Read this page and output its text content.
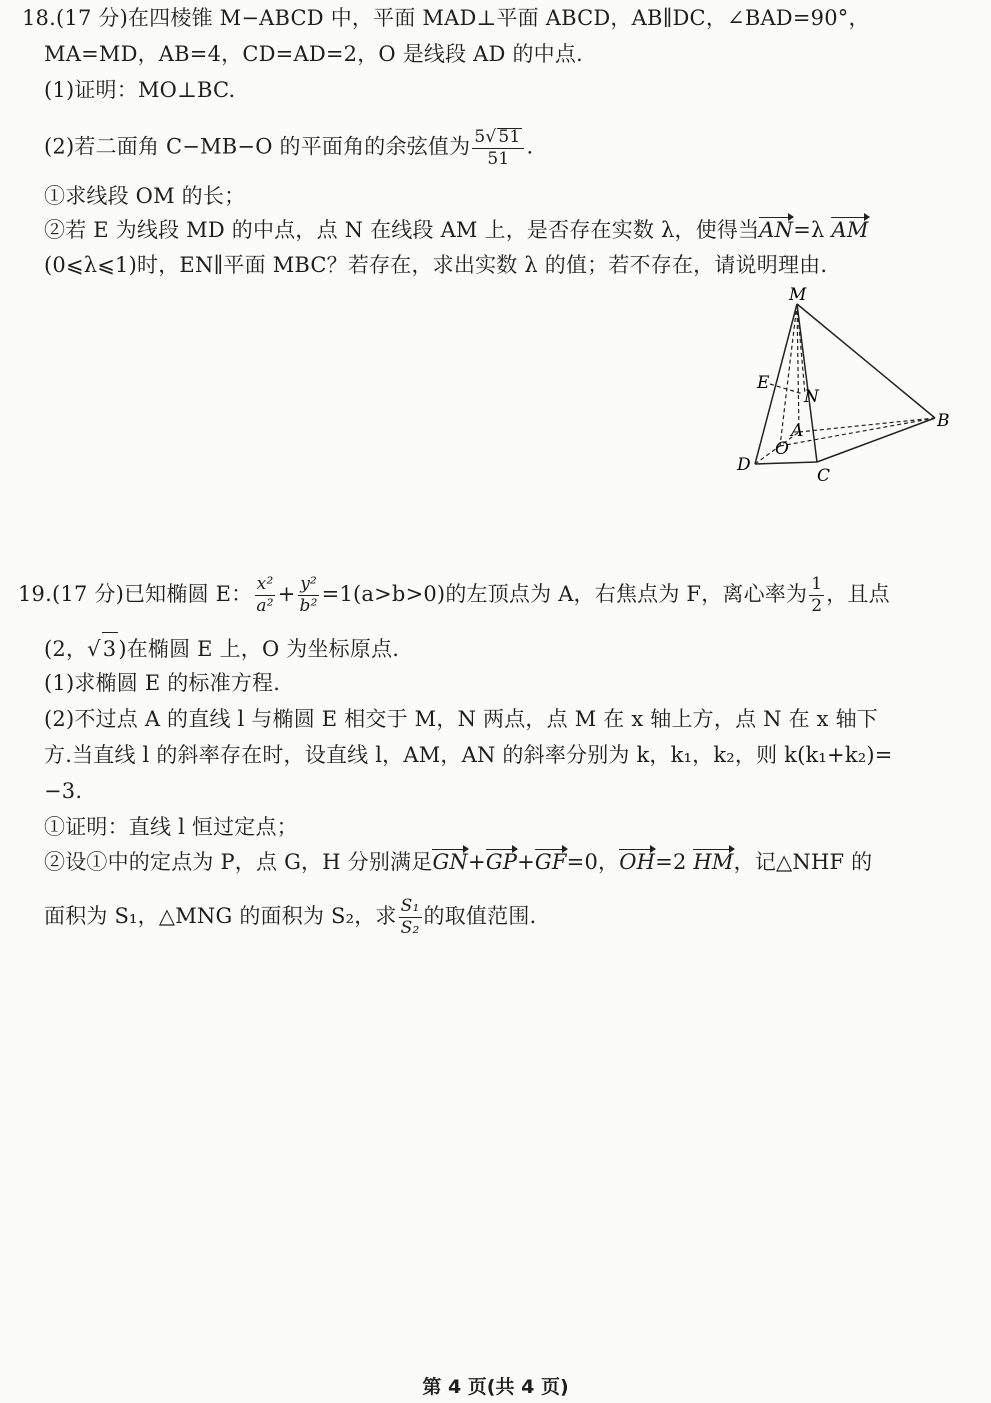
18.(17 分)在四棱锥 M−ABCD 中，平面 MAD⊥平面 ABCD，AB∥DC，∠BAD=90°，
MA=MD，AB=4，CD=AD=2，O 是线段 AD 的中点.
(1)证明：MO⊥BC.
(2)若二面角 C−MB−O 的平面角的余弦值为 $\frac{5√ 51}{51}$ .
①求线段 OM 的长；
②若 E 为线段 MD 的中点，点 N 在线段 AM 上，是否存在实数 λ，使得当AN=λ AM
(0⩽λ⩽1)时，EN∥平面 MBC？若存在，求出实数 λ 的值；若不存在，请说明理由.
M
E
N
A
O
B
D
C
19.(17 分)已知椭圆 E： $\frac{\text{x²}}{\text{a²}} + \frac{\text{y²}}{\text{b²}} =1(a>b>0)$的左顶点为 A，右焦点为 F，离心率为 $\frac{1}{2}$ ，且点
(2，√3)在椭圆 E 上，O 为坐标原点.
(1)求椭圆 E 的标准方程.
(2)不过点 A 的直线 l 与椭圆 E 相交于 M，N 两点，点 M 在 x 轴上方，点 N 在 x 轴下
方.当直线 l 的斜率存在时，设直线 l，AM，AN 的斜率分别为 k，k₁，k₂，则 k(k₁+k₂)=
−3.
①证明：直线 l 恒过定点；
②设①中的定点为 P，点 G，H 分别满足GN+GP+GF=0，OH=2 HM，记△NHF 的
面积为 S₁，△MNG 的面积为 S₂，求 $\frac{\text{S₁}}{\text{S₂}}$ 的取值范围.
第 4 页(共 4 页)
